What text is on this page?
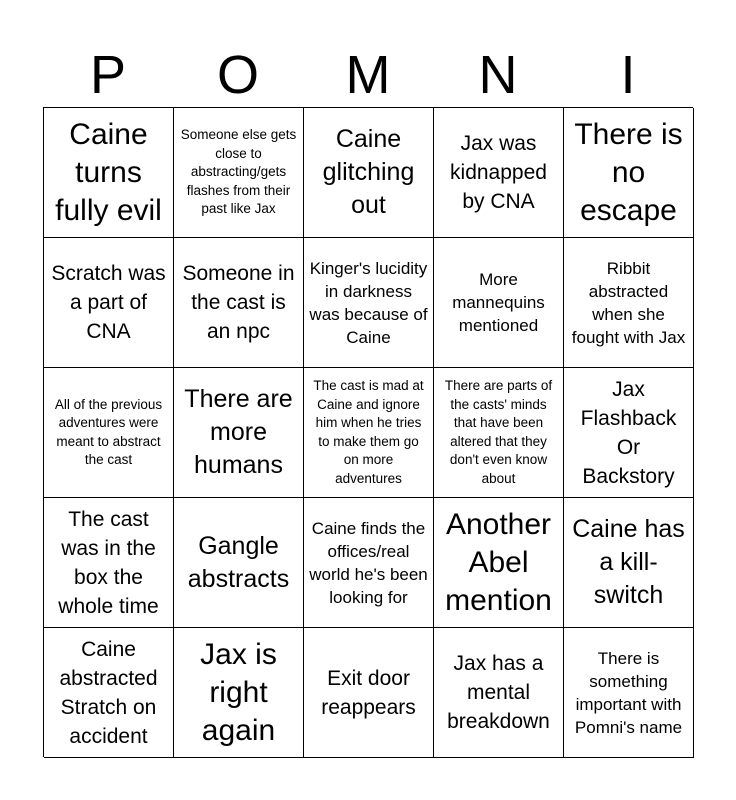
P	O	M	N	I
Caine turns fully evil
Someone else gets close to abstracting/gets flashes from their past like Jax
Caine glitching out
Jax was kidnapped by CNA
There is no escape
Scratch was a part of CNA
Someone in the cast is an npc
Kinger's lucidity in darkness was because of Caine
More mannequins mentioned
Ribbit abstracted when she fought with Jax
All of the previous adventures were meant to abstract the cast
There are more humans
The cast is mad at Caine and ignore him when he tries to make them go on more adventures
There are parts of the casts' minds that have been altered that they don't even know about
Jax Flashback Or Backstory
The cast was in the box the whole time
Gangle abstracts
Caine finds the offices/real world he's been looking for
Another Abel mention
Caine has a kill-switch
Caine abstracted Stratch on accident
Jax is right again
Exit door reappears
Jax has a mental breakdown
There is something important with Pomni's name
